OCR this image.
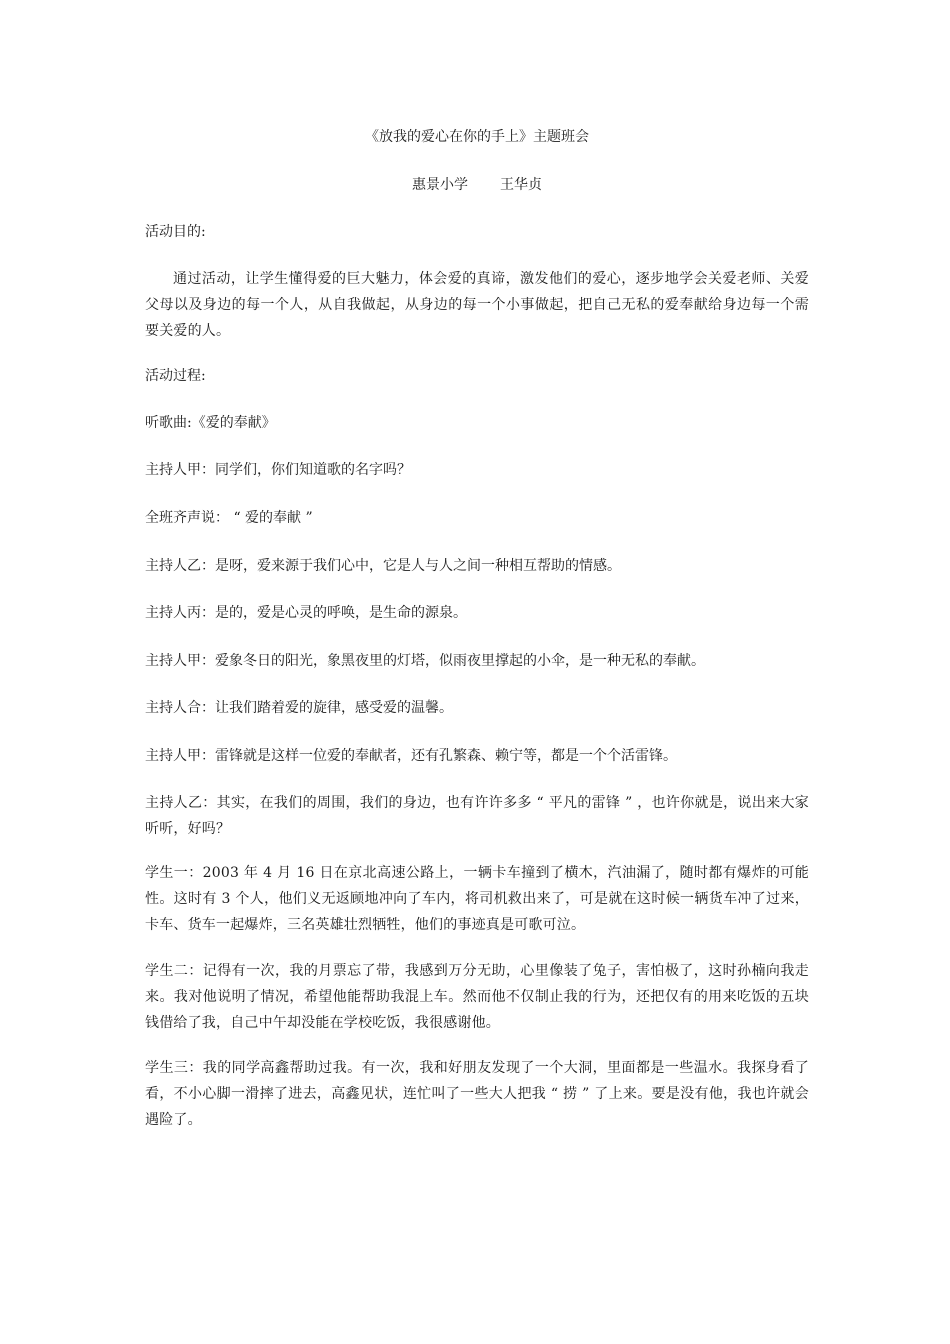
《放我的爱心在你的手上》主题班会
惠景小学 王华贞
活动目的:
通过活动，让学生懂得爱的巨大魅力，体会爱的真谛，激发他们的爱心，逐步地学会关爱老师、关爱父母以及身边的每一个人，从自我做起，从身边的每一个小事做起，把自己无私的爱奉献给身边每一个需要关爱的人。
活动过程:
听歌曲:《爱的奉献》
主持人甲：同学们，你们知道歌的名字吗？
全班齐声说： “ 爱的奉献 ”
主持人乙：是呀，爱来源于我们心中，它是人与人之间一种相互帮助的情感。
主持人丙：是的，爱是心灵的呼唤，是生命的源泉。
主持人甲：爱象冬日的阳光，象黑夜里的灯塔，似雨夜里撑起的小伞，是一种无私的奉献。
主持人合：让我们踏着爱的旋律，感受爱的温馨。
主持人甲：雷锋就是这样一位爱的奉献者，还有孔繁森、赖宁等，都是一个个活雷锋。
主持人乙：其实，在我们的周围，我们的身边，也有许许多多 “ 平凡的雷锋 ” ，也许你就是，说出来大家听听，好吗？
学生一：2003 年 4 月 16 日在京北高速公路上，一辆卡车撞到了横木，汽油漏了，随时都有爆炸的可能性。这时有 3 个人，他们义无返顾地冲向了车内，将司机救出来了，可是就在这时候一辆货车冲了过来，卡车、货车一起爆炸，三名英雄壮烈牺牲，他们的事迹真是可歌可泣。
学生二：记得有一次，我的月票忘了带，我感到万分无助，心里像装了兔子，害怕极了，这时孙楠向我走来。我对他说明了情况，希望他能帮助我混上车。然而他不仅制止我的行为，还把仅有的用来吃饭的五块钱借给了我，自己中午却没能在学校吃饭，我很感谢他。
学生三：我的同学高鑫帮助过我。有一次，我和好朋友发现了一个大洞，里面都是一些温水。我探身看了看，不小心脚一滑摔了进去，高鑫见状，连忙叫了一些大人把我 “ 捞 ” 了上来。要是没有他，我也许就会遇险了。
